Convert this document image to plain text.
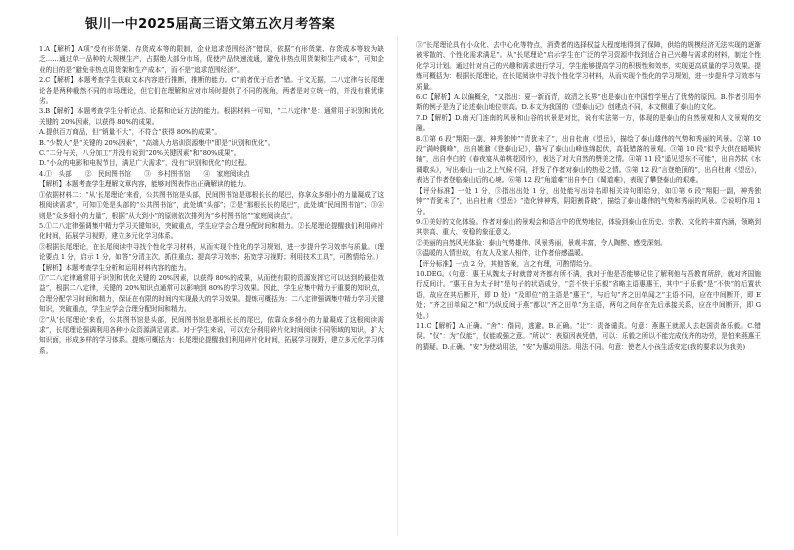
银川一中2025届高三语文第五次月考答案

1.A【解析】A项“受有形货架、存货成本等的限制，企业追求范围经济”错误，依据“有形货架、存货成本等较为缺乏……通过单一品种的大规模生产，占据绝大部分市场，促使产品快速流通，避免非热点用货架和生产成本”，可知企业的目的是“避免非热点用货架和生产成本”，而不是“追求范围经济”。

2.C【解析】本题考查学生获取文本内容进行推断，推断的能力。C“前者优于后者”错。于文无据，二八定律与长尾理论各是两种截然不同的市场理论，但它们在理解和应对市场时提供了不同的视角，两者是对立统一的，并没有谁优谁劣。

3.B【解析】本题考查学生分析论点、论据和论证方法的能力。根据材料一可知，“二八定律”是：通常用于识别和优化关键的 20%因素，以获得 80%的成果。

A.提供百万商品，但“销量不大”，不符合“获得 80%的成果”。

B.“少数人”是“关键的 20%因素”，“高端人力培训资源集中”即是“识别和优化”。

C.“二分与关，八分加工”并没有说到“20%关键因素”和“80%成果”。

D.“小众的电影和电视节目，满足广大需求”，没有“识别和优化”的过程。

4.①　头部　　②　民间图书馆　　③　乡村图书馆　　④　家庭阅读点

【解析】本题考查学生理解文章内容，能够对图表作出正确解读的能力。

①依据材料二：“从‘长尾理论’来看，公共图书馆是头部，民间图书馆是那根长长的尾巴，你拿众多细小的力量凝成了这根阅读需求”，可知①处是头部的“公共图书馆”，此处填“头部”；②是“那根长长的尾巴”，此处填“民间图书馆”；③④则是“众多细小的力量”，根据“从大到小”的原则依次排列为“乡村图书馆”“家庭阅读点”。

5.①二八定律强调集中精力学习关键知识，突破重点，学生应学会合理分配时间和精力。②长尾理论提醒我们利用碎片化时间，拓展学习视野，建立多元化学习体系。

③根据长尾理论，在长尾阅读中寻找个性化学习材料，从而实现个性化的学习规划，进一步提升学习效率与质量。（理论要点 1 分，启示 1 分，如答“分清主次，抓住重点；提高学习效率；拓宽学习视野；利用技术工具”，可酌情给分。）

【解析】本题考查学生分析和运用材料内容的能力。

①“二八定律通常用于识别和优化关键的 20%因素，以获得 80%的成果，从而使有限的资源发挥它可以达到的最佳效益”，根据二八定律，关键的 20%知识点通常可以影响到 80%的学习效果。因此，学生应集中精力于重要的知识点，合理分配学习时间和精力，保证在有限的时间内实现最大的学习效果。提炼可概括为：二八定律强调集中精力学习关键知识，突破重点，学生应学会合理分配时间和精力。

②“从‘长尾理论’来看，公共图书馆是头部，民间图书馆是那根长长的尾巴，依靠众多细小的力量凝成了这根阅读需求”，长尾理论强调利用各种小众资源满足需求。对于学生来说，可以充分利用碎片化时间阅读不同领域的知识，扩大知识面，形成多样的学习体系。提炼可概括为：长尾理论提醒我们利用碎片化时间，拓展学习视野，建立多元化学习体系。

③“长尾理论具有小众化、去中心化等特点，消费者的选择权益大程度地得到了保障，供给的规模经济无法实现的逐渐被零散的、个性化需求满足”。从“长尾理论”启示学生在广泛的学习资源中找到适合自己兴趣与需求的材料，制定个性化学习计划。通过针对自己的兴趣和需求进行学习，学生能够提高学习的积极性和效率，实现更高质量的学习效果。提炼可概括为：根据长尾理论，在长尾阅读中寻找个性化学习材料，从而实现个性化的学习规划，进一步提升学习效率与质量。

6.C【解析】A.以偏概全，“又指出：夏一新而青，故清之长界”也是泰山在中国哲学里占了优势的原因。B.作者引用李斯的例子是为了论述泰山地位崇高。D.本文为我国的《望泰山记》创建点不同，本文侧重了泰山的文化。

7.D【解析】D.南天门连南的风景和山谷的状景是对比，说有实法第一方，体现的是泰山的自然景观和人文景观的交融。

8.①第 6 段“翔阳一副，神秀独钟”“青犹未了”，出自杜甫《望岳》，描绘了泰山雄伟的气势和秀丽的风景。②第 10 段“满岭腾峰”，出自姚鼐《登泰山记》，描写了泰山山峰连绵起伏，高低错落的景观。③第 10 段“似乎大供在暗喷转轴”，出自李白的《春夜宴从弟桃花园序》，表达了对大自然的赞美之情。④第 11 段“遥见望东不可能”，出自苏轼《水调歌头》，写出泰山一山之上气候不同，抒发了作者对泰山的热爱之情。⑤第 12 段“言登绝顶的”，出自杜甫《望岳》，表达了作者登临泰山后的心境。⑥第 12 段“角道难”出自李白《蜀道难》，表现了攀登泰山的艰难。

【评分标准】一处 1 分，③指出出处 1 分，出处能写出诗名即相关诗句即给分，如①第 6 段“翔阳一副，神秀独钟”“青犹未了”，出自杜甫《望岳》“造化钟神秀，阴阳割昏晓”，描绘了泰山雄伟的气势和秀丽的风景。②说明作用 1 分。

9.①美好的文化体验。作者对泰山的景观会和语言中的优势地位，体验到泰山在历史、宗教、文化的丰富内涵，领略到其崇高、重大、安稳的象征意义。

②美丽的自然风光体验：泰山气势雄伟、风景秀丽，景观丰富，令人陶醉、感受深刻。

③温暖的人情世故，有友人及家人相伴，让作者倍感温暖。

【评分标准】一点 2 分，其他答案，言之有理，可酌情给分。

10.DEG。（句意：惠王从魏太子时就曾对齐都有所不满，我对于他是否能够记住了解利他与吾教育所辞，就对齐国施行反间计。“惠王自为太子时”是句子的状语成分，“尝不快于乐毅”省略主语惠惠王，其中“于乐毅”是“不快”的后置状语，故应在其后断开，即 D 处）“及即位”的主语是“惠王”，与后句“齐之田单闻之”主语不同，应在中间断开，即 E 处；“齐之田单闻之”和“乃纵反间于燕”都以“齐之田单”为主语，两句之间存在先后承接关系，应在中间断开，即 G 处。）

11.C【解析】A.正确。“舍”：偕同，逃避。B.正确。“让”：责备谴责。句意：燕惠王就派人去赵国责备乐毅。C.错误。“仅”：为“仅能”，仅能或强之意。“所以”：表原因表凭借，可以：乐毅之所以不能完成伐齐的功劳，是怕来燕惠王的猜疑。D.正确。“安”为使动用法，“安”为惠动用法。用法不同。句意：使老人小孩生活安定(我的要求以为我美)
